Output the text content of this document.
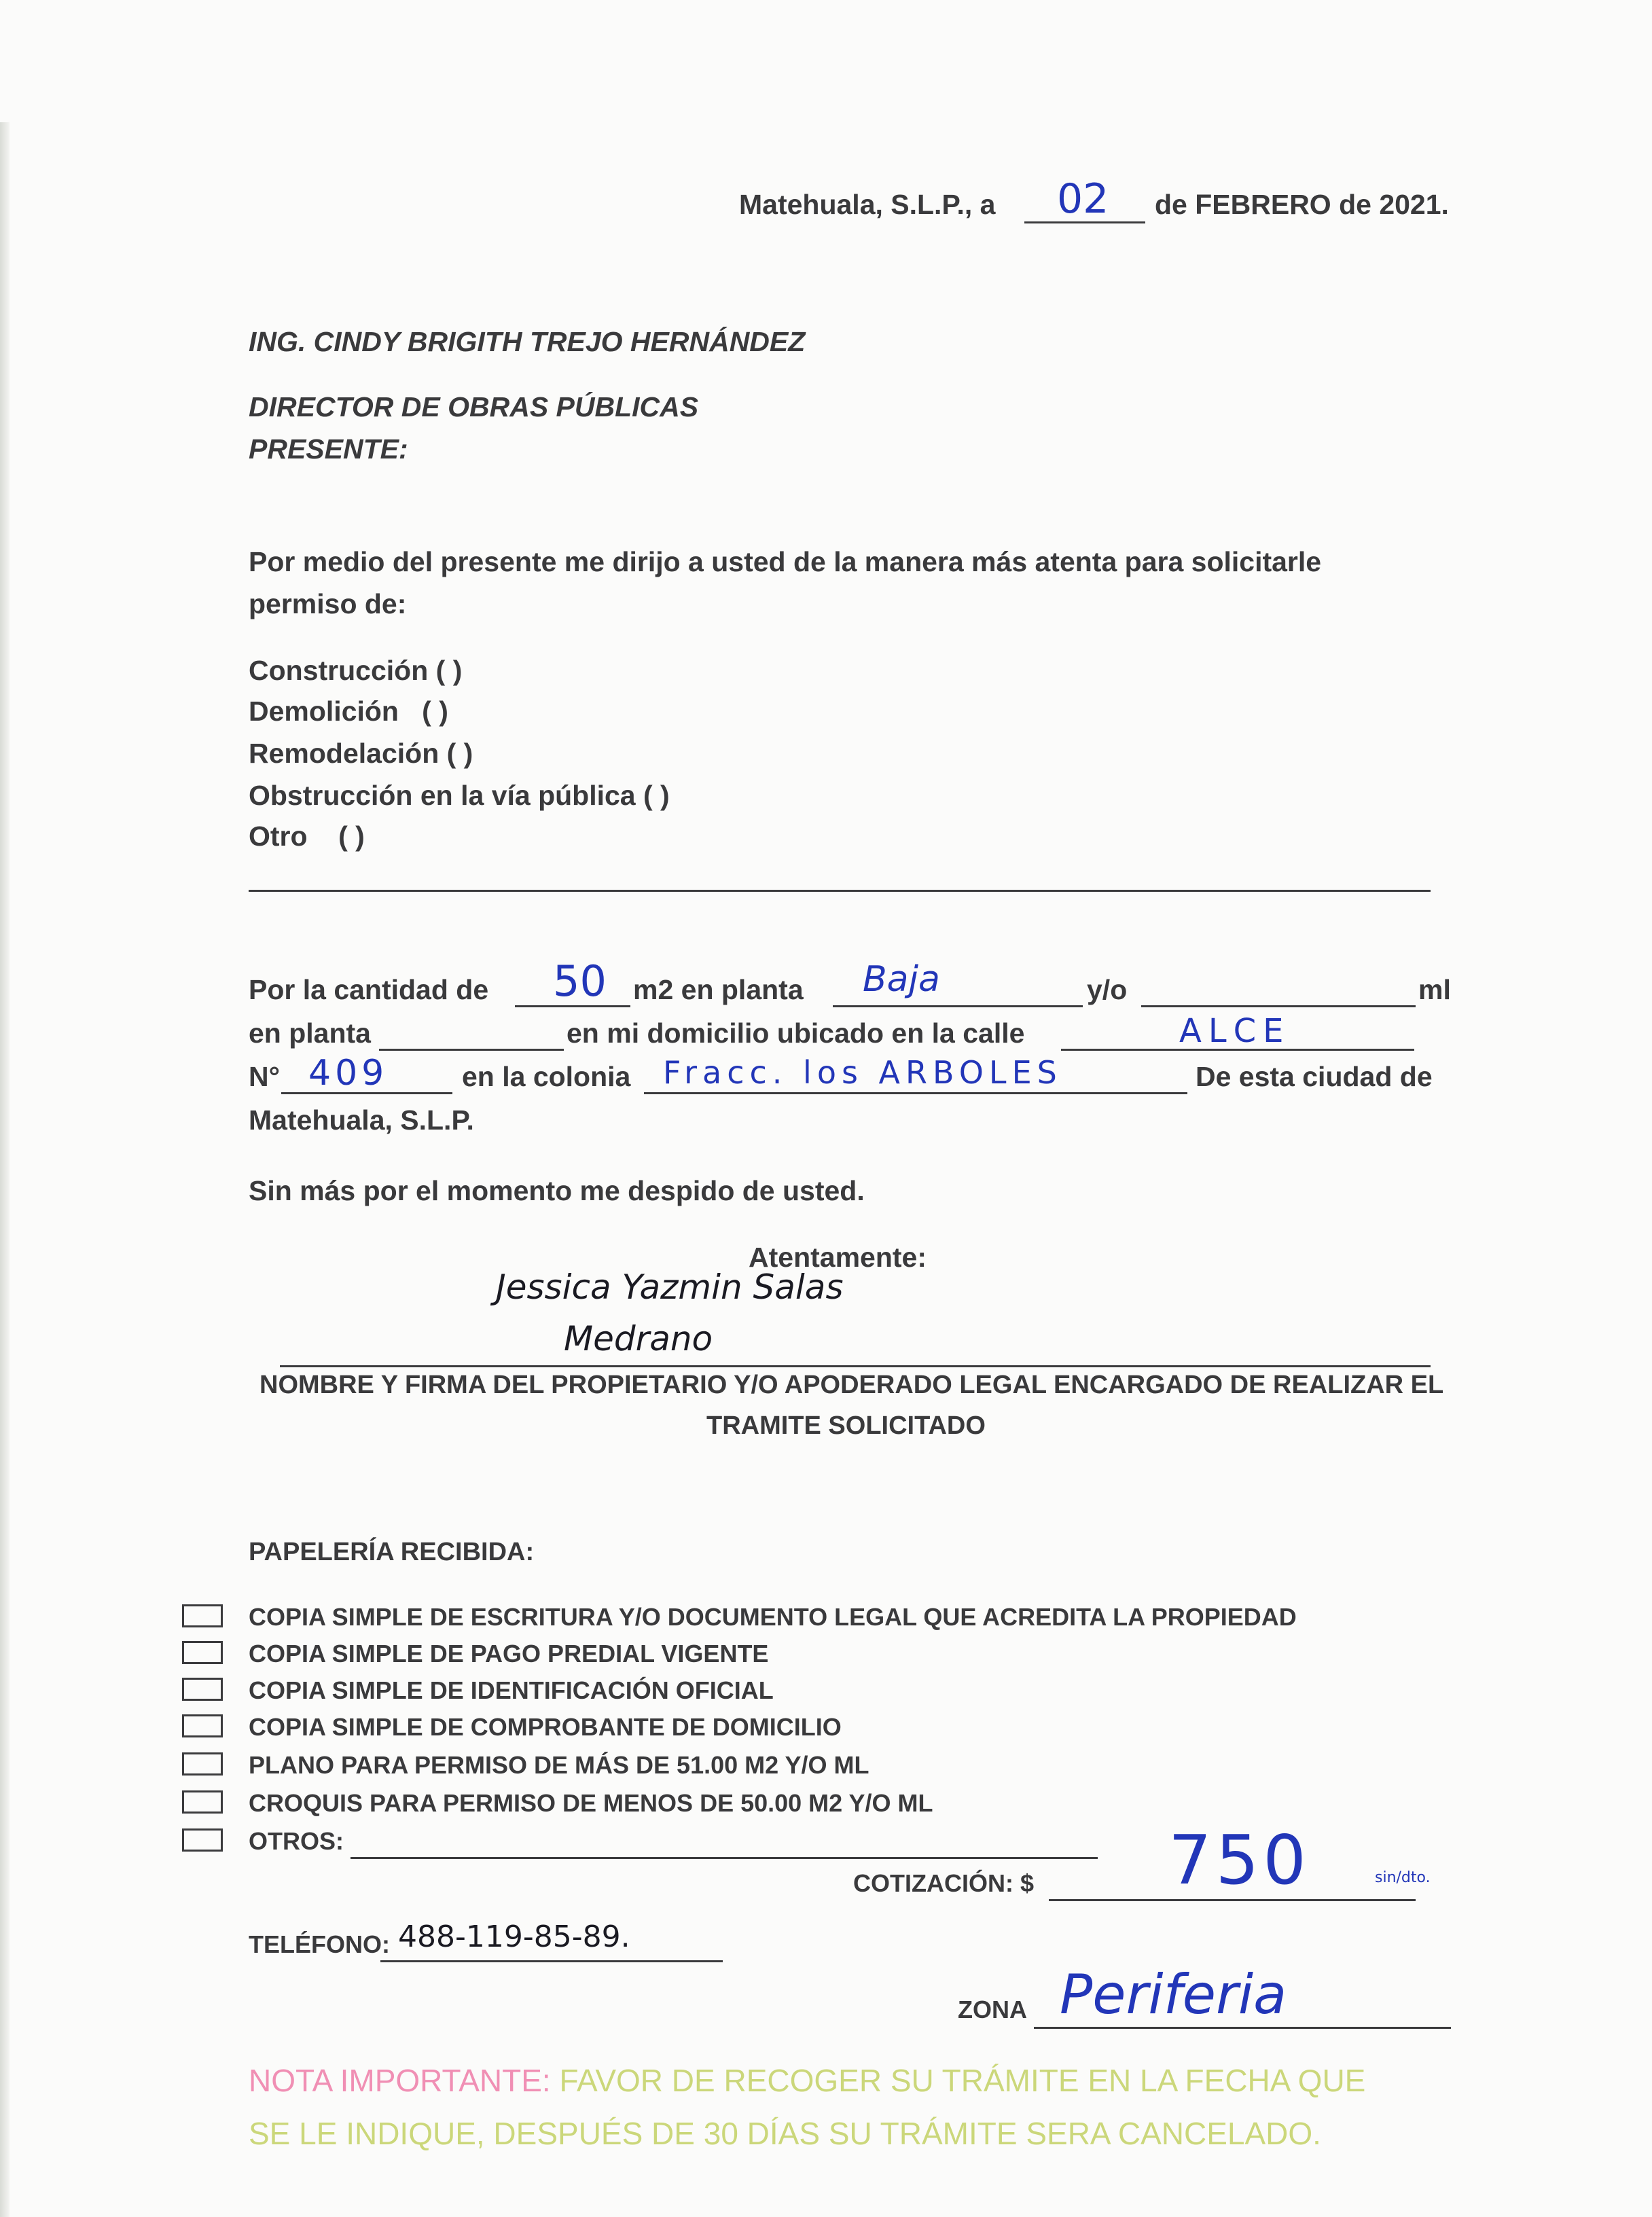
Matehuala, S.L.P., a 02 de FEBRERO de 2021.
ING. CINDY BRIGITH TREJO HERNÁNDEZ
DIRECTOR DE OBRAS PÚBLICAS
PRESENTE:
Por medio del presente me dirijo a usted de la manera más atenta para solicitarle
permiso de:
Construcción ( )
Demolición ( )
Remodelación ( )
Obstrucción en la vía pública ( )
Otro ( )
Por la cantidad de 50 m2 en planta Baja	y/o	ml
en planta	en mi domicilio ubicado en la calle	ALCE
N° 409	en la colonia Fracc. los ARBOLES	De esta ciudad de
Matehuala, S.L.P.
Sin más por el momento me despido de usted.
Atentamente:
Jessica Yazmin Salas
Medrano
NOMBRE Y FIRMA DEL PROPIETARIO Y/O APODERADO LEGAL ENCARGADO DE REALIZAR EL
TRAMITE SOLICITADO
PAPELERÍA RECIBIDA:
COPIA SIMPLE DE ESCRITURA Y/O DOCUMENTO LEGAL QUE ACREDITA LA PROPIEDAD
COPIA SIMPLE DE PAGO PREDIAL VIGENTE
COPIA SIMPLE DE IDENTIFICACIÓN OFICIAL
COPIA SIMPLE DE COMPROBANTE DE DOMICILIO
PLANO PARA PERMISO DE MÁS DE 51.00 M2 Y/O ML
CROQUIS PARA PERMISO DE MENOS DE 50.00 M2 Y/O ML
OTROS:
COTIZACIÓN: $ 750	sin/dto.
TELÉFONO: 488-119-85-89.
ZONA Periferia
NOTA IMPORTANTE: FAVOR DE RECOGER SU TRÁMITE EN LA FECHA QUE
SE LE INDIQUE, DESPUÉS DE 30 DÍAS SU TRÁMITE SERA CANCELADO.
